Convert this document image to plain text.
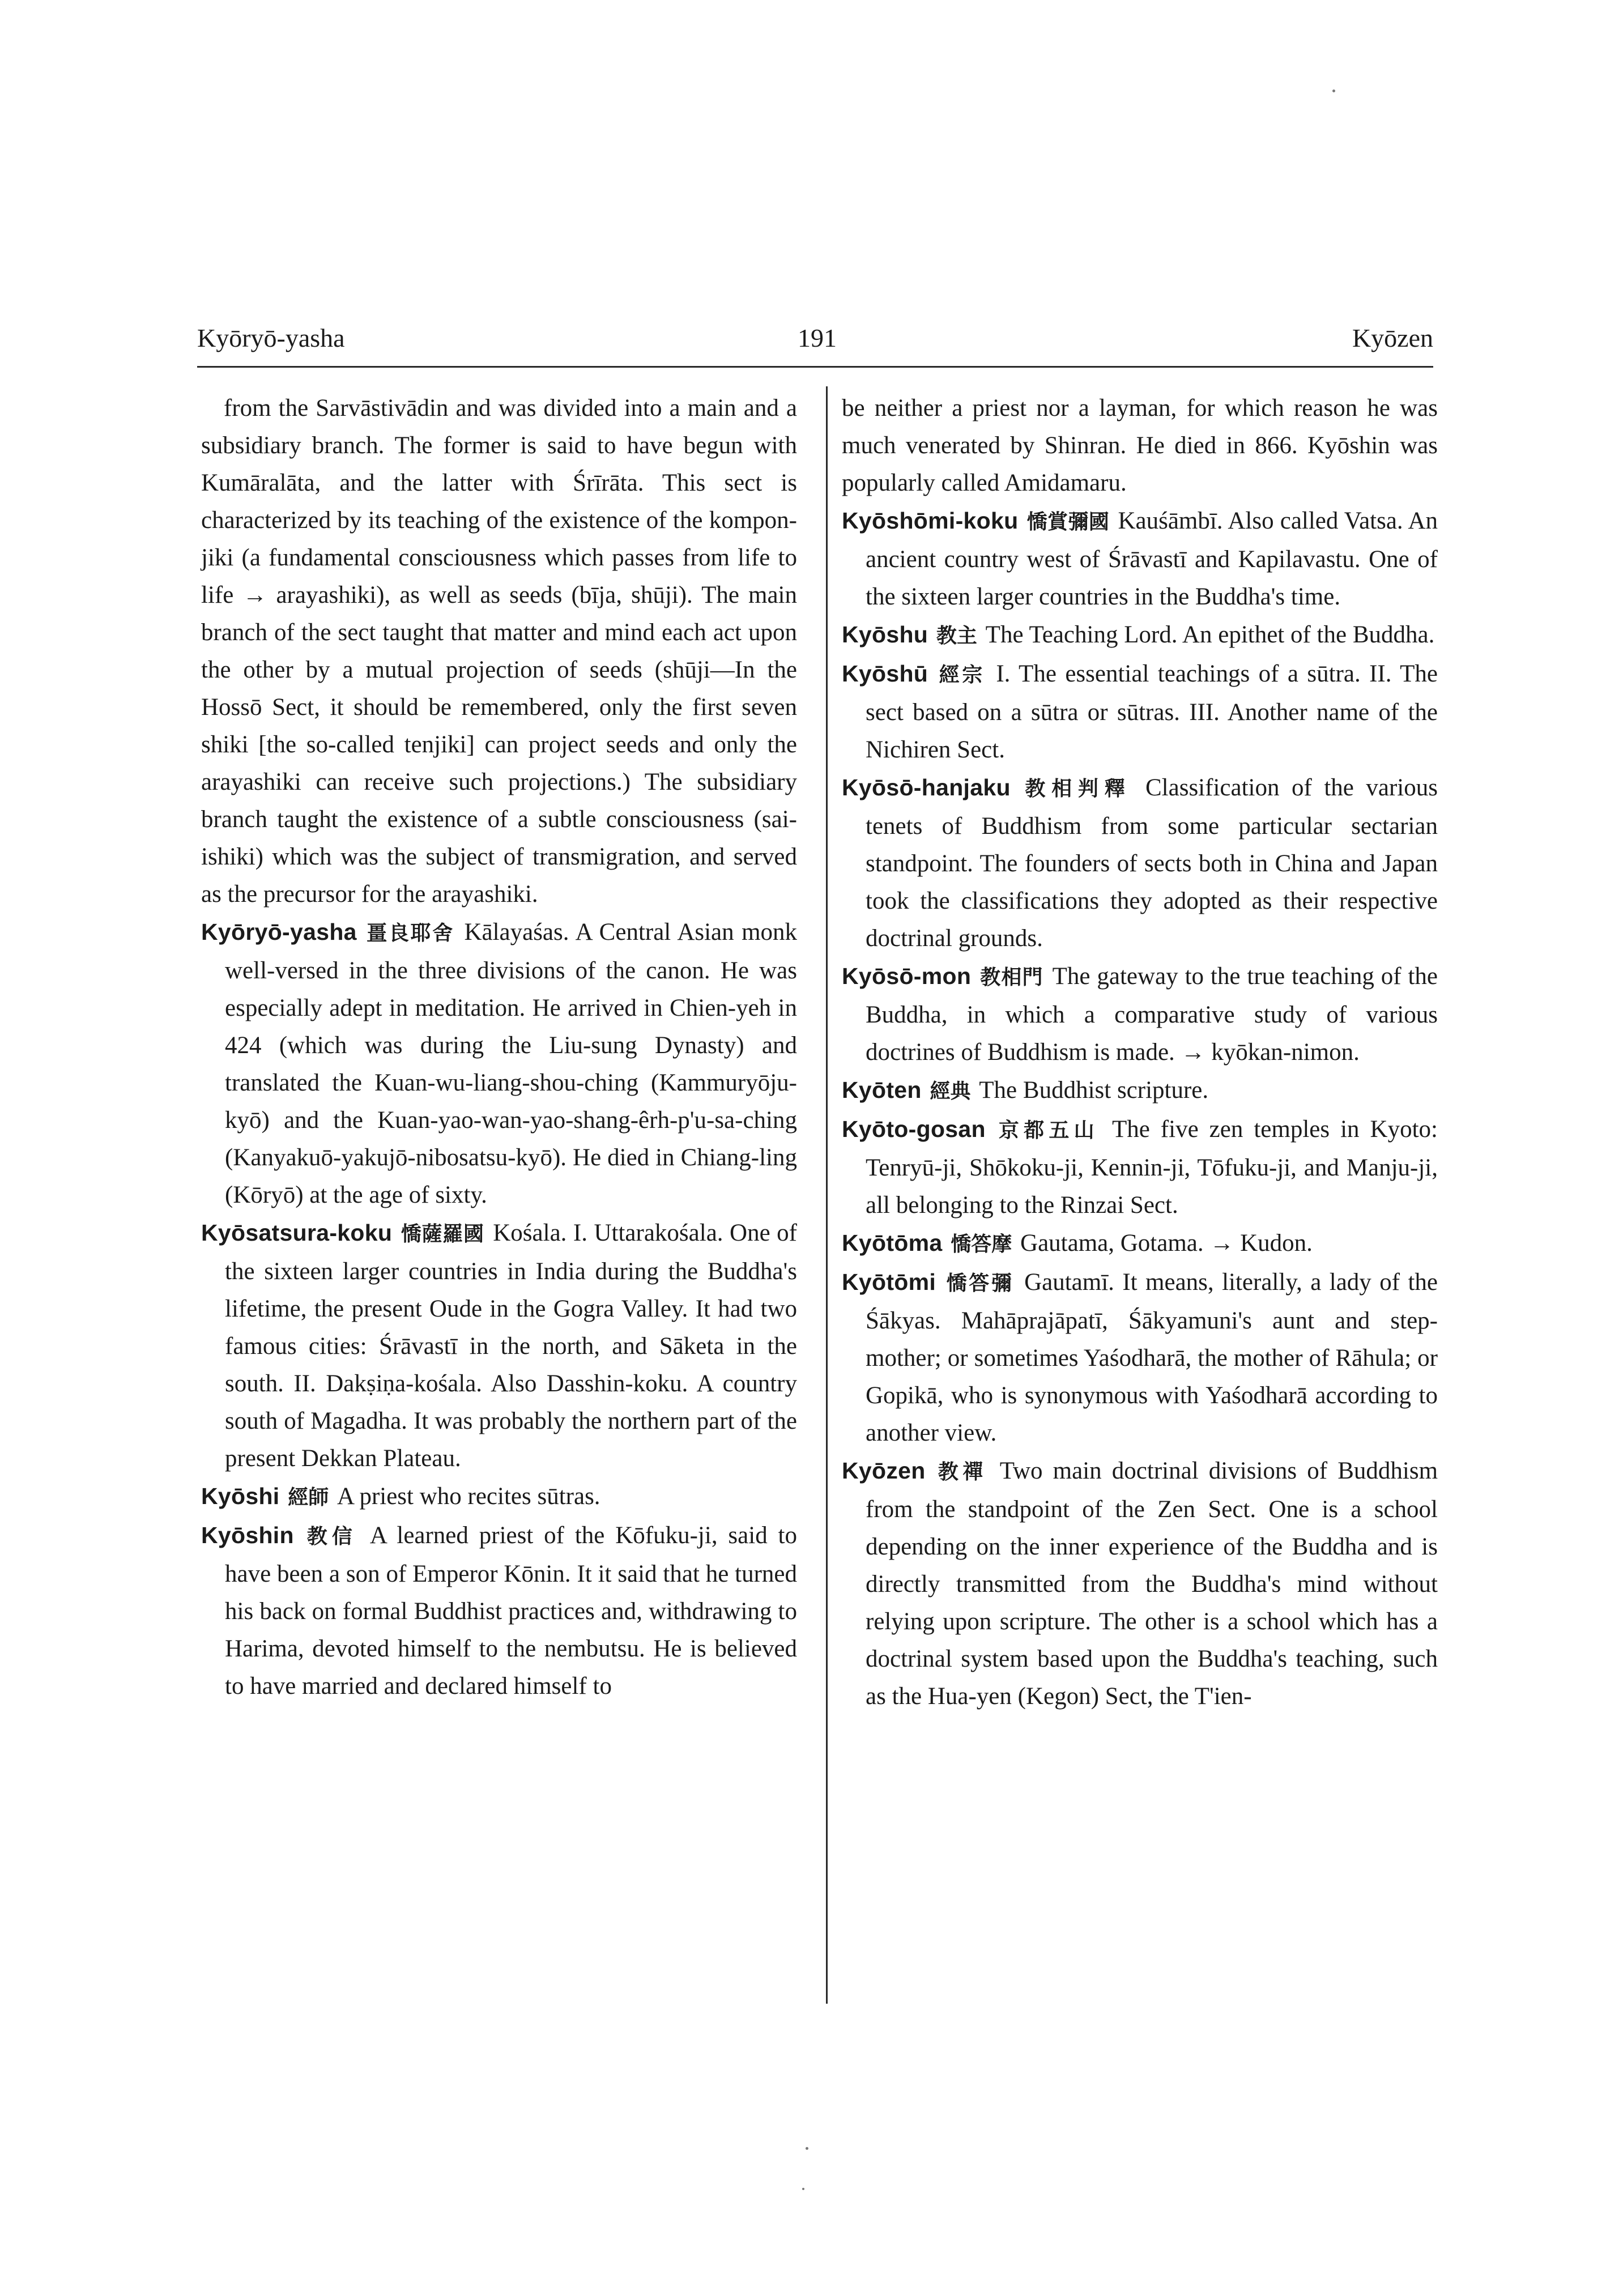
Kyōryō-yasha	191	Kyōzen

from the Sarvāstivādin and was divided into a main and a subsidiary branch. The former is said to have begun with Kumāralāta, and the latter with Śrīrāta. This sect is characterized by its teaching of the existence of the kompon-jiki (a fundamental consciousness which passes from life to life → arayashiki), as well as seeds (bīja, shūji). The main branch of the sect taught that matter and mind each act upon the other by a mutual projection of seeds (shūji—In the Hossō Sect, it should be remembered, only the first seven shiki [the so-called tenjiki] can project seeds and only the arayashiki can receive such projections.) The subsidiary branch taught the existence of a subtle consciousness (sai-ishiki) which was the subject of transmigration, and served as the precursor for the arayashiki.

Kyōryō-yasha 畺良耶舍 Kālayaśas. A Central Asian monk well-versed in the three divisions of the canon. He was especially adept in meditation. He arrived in Chien-yeh in 424 (which was during the Liu-sung Dynasty) and translated the Kuan-wu-liang-shou-ching (Kammuryōju-kyō) and the Kuan-yao-wan-yao-shang-êrh-p'u-sa-ching (Kanyakuō-yakujō-nibosatsu-kyō). He died in Chiang-ling (Kōryō) at the age of sixty.

Kyōsatsura-koku 憍薩羅國 Kośala. I. Uttarakośala. One of the sixteen larger countries in India during the Buddha's lifetime, the present Oude in the Gogra Valley. It had two famous cities: Śrāvastī in the north, and Sāketa in the south. II. Dakṣiṇa-kośala. Also Dasshin-koku. A country south of Magadha. It was probably the northern part of the present Dekkan Plateau.

Kyōshi 經師 A priest who recites sūtras.

Kyōshin 教信 A learned priest of the Kōfuku-ji, said to have been a son of Emperor Kōnin. It it said that he turned his back on formal Buddhist practices and, withdrawing to Harima, devoted himself to the nembutsu. He is believed to have married and declared himself to

be neither a priest nor a layman, for which reason he was much venerated by Shinran. He died in 866. Kyōshin was popularly called Amidamaru.

Kyōshōmi-koku 憍賞彌國 Kauśāmbī. Also called Vatsa. An ancient country west of Śrāvastī and Kapilavastu. One of the sixteen larger countries in the Buddha's time.

Kyōshu 教主 The Teaching Lord. An epithet of the Buddha.

Kyōshū 經宗 I. The essential teachings of a sūtra. II. The sect based on a sūtra or sūtras. III. Another name of the Nichiren Sect.

Kyōsō-hanjaku 教相判釋 Classification of the various tenets of Buddhism from some particular sectarian standpoint. The founders of sects both in China and Japan took the classifications they adopted as their respective doctrinal grounds.

Kyōsō-mon 教相門 The gateway to the true teaching of the Buddha, in which a comparative study of various doctrines of Buddhism is made. → kyōkan-nimon.

Kyōten 經典 The Buddhist scripture.

Kyōto-gosan 京都五山 The five zen temples in Kyoto: Tenryū-ji, Shōkoku-ji, Kennin-ji, Tōfuku-ji, and Manju-ji, all belonging to the Rinzai Sect.

Kyōtōma 憍答摩 Gautama, Gotama. → Kudon.

Kyōtōmi 憍答彌 Gautamī. It means, literally, a lady of the Śākyas. Mahāprajāpatī, Śākyamuni's aunt and step-mother; or sometimes Yaśodharā, the mother of Rāhula; or Gopikā, who is synonymous with Yaśodharā according to another view.

Kyōzen 教禪 Two main doctrinal divisions of Buddhism from the standpoint of the Zen Sect. One is a school depending on the inner experience of the Buddha and is directly transmitted from the Buddha's mind without relying upon scripture. The other is a school which has a doctrinal system based upon the Buddha's teaching, such as the Hua-yen (Kegon) Sect, the T'ien-
